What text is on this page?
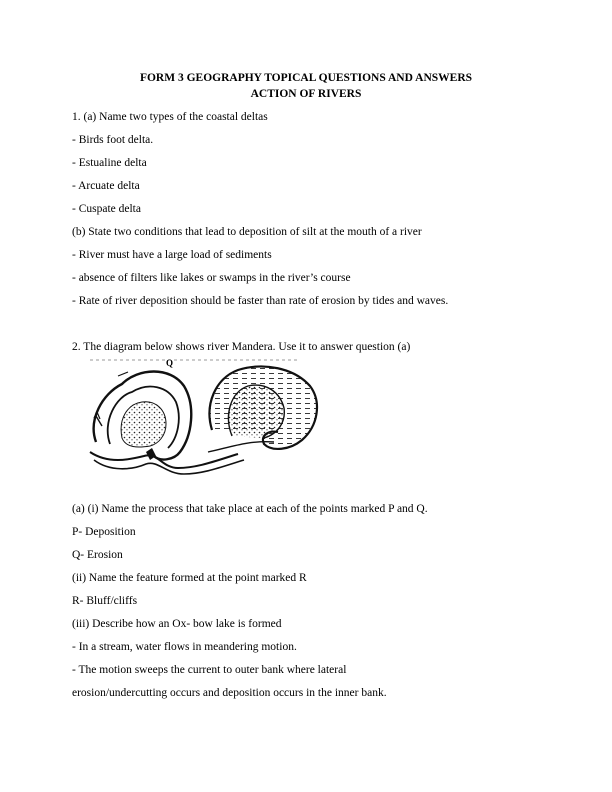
FORM 3 GEOGRAPHY TOPICAL QUESTIONS AND ANSWERS
ACTION OF RIVERS
1. (a) Name two types of the coastal deltas
- Birds foot delta.
- Estualine delta
- Arcuate delta
- Cuspate delta
(b) State two conditions that lead to deposition of silt at the mouth of a river
- River must have a large load of sediments
- absence of filters like lakes or swamps in the river’s course
- Rate of river deposition should be faster than rate of erosion by tides and waves.
2. The diagram below shows river Mandera. Use it to answer question (a)
Q
(a) (i) Name the process that take place at each of the points marked P and Q.
P- Deposition
Q- Erosion
(ii) Name the feature formed at the point marked R
R- Bluff/cliffs
(iii) Describe how an Ox- bow lake is formed
- In a stream, water flows in meandering motion.
- The motion sweeps the current to outer bank where lateral
erosion/undercutting occurs and deposition occurs in the inner bank.
